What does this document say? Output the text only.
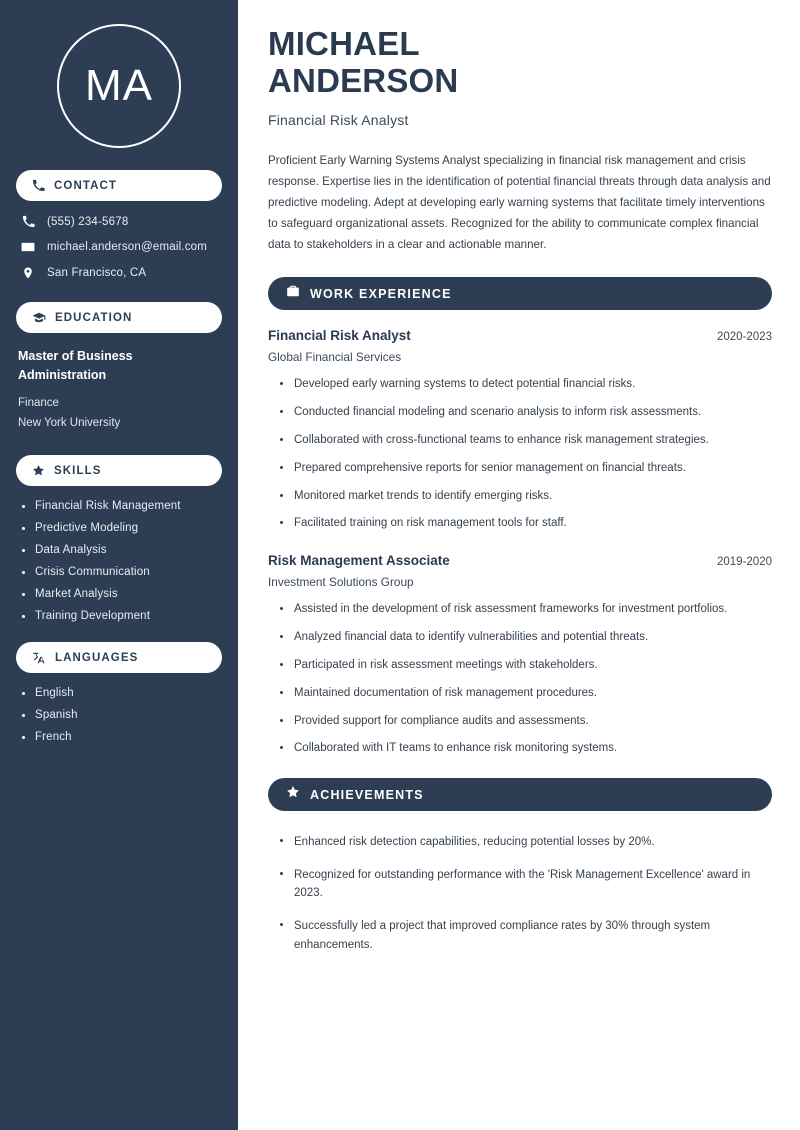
MA
CONTACT
(555) 234-5678
michael.anderson@email.com
San Francisco, CA
EDUCATION
Master of Business Administration
Finance
New York University
SKILLS
Financial Risk Management
Predictive Modeling
Data Analysis
Crisis Communication
Market Analysis
Training Development
LANGUAGES
English
Spanish
French
MICHAEL
ANDERSON
Financial Risk Analyst

Proficient Early Warning Systems Analyst specializing in financial risk management and crisis response. Expertise lies in the identification of potential financial threats through data analysis and predictive modeling. Adept at developing early warning systems that facilitate timely interventions to safeguard organizational assets. Recognized for the ability to communicate complex financial data to stakeholders in a clear and actionable manner.

WORK EXPERIENCE
Financial Risk Analyst	2020-2023
Global Financial Services
Developed early warning systems to detect potential financial risks.
Conducted financial modeling and scenario analysis to inform risk assessments.
Collaborated with cross-functional teams to enhance risk management strategies.
Prepared comprehensive reports for senior management on financial threats.
Monitored market trends to identify emerging risks.
Facilitated training on risk management tools for staff.
Risk Management Associate	2019-2020
Investment Solutions Group
Assisted in the development of risk assessment frameworks for investment portfolios.
Analyzed financial data to identify vulnerabilities and potential threats.
Participated in risk assessment meetings with stakeholders.
Maintained documentation of risk management procedures.
Provided support for compliance audits and assessments.
Collaborated with IT teams to enhance risk monitoring systems.
ACHIEVEMENTS
Enhanced risk detection capabilities, reducing potential losses by 20%.
Recognized for outstanding performance with the 'Risk Management Excellence' award in 2023.
Successfully led a project that improved compliance rates by 30% through system enhancements.
